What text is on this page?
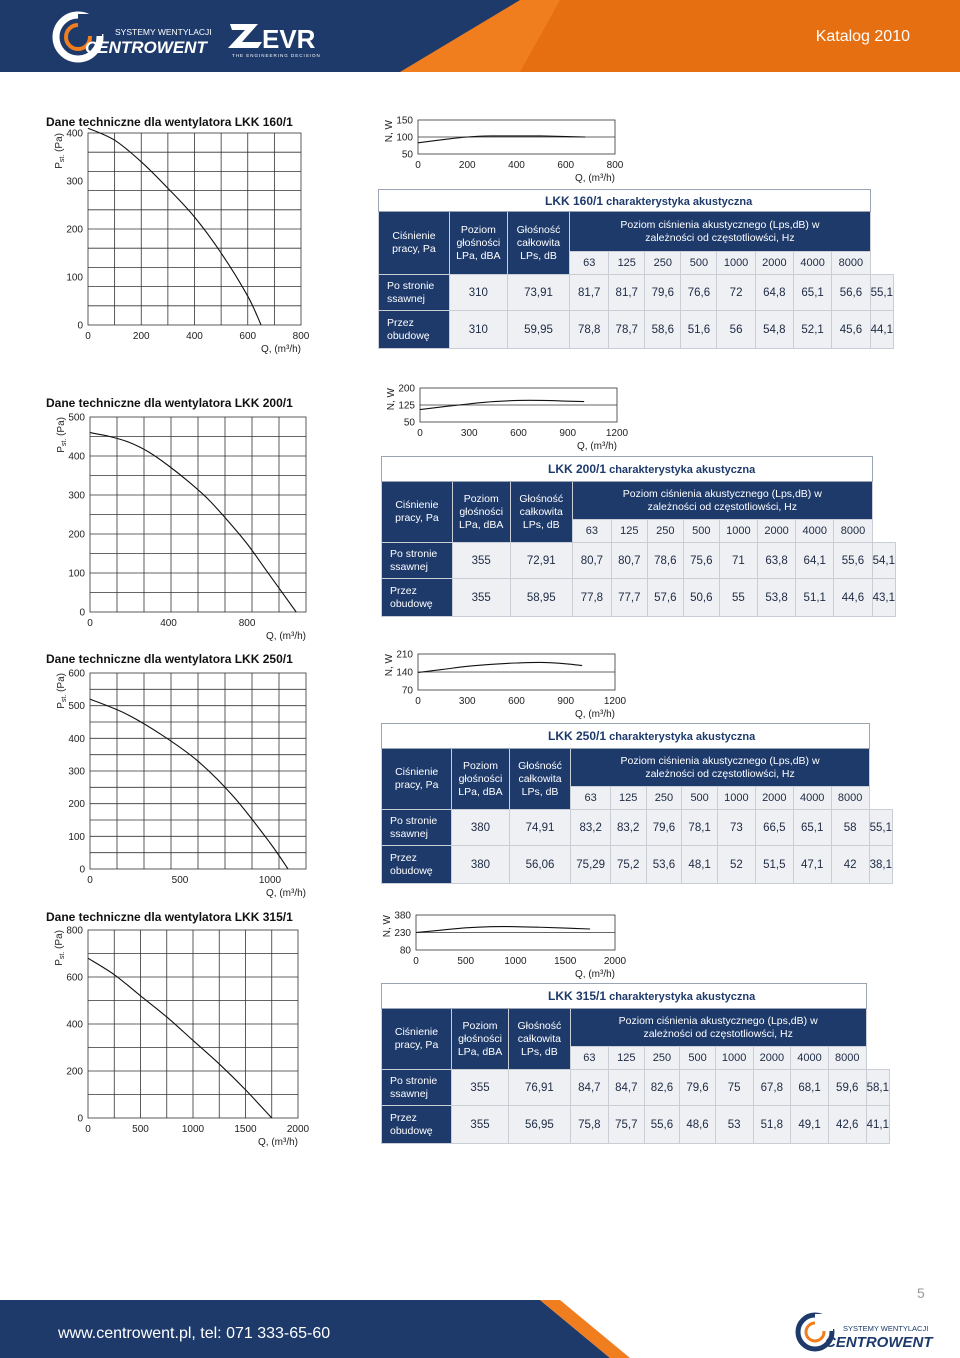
SYSTEMY WENTYLACJI
CENTROWENT EVR
THE ENGINEERING DECISION
Katalog 2010
Dane techniczne dla wentylatora LKK 160/1
Dane techniczne dla wentylatora LKK 200/1
Dane techniczne dla wentylatora LKK 250/1
Dane techniczne dla wentylatora LKK 315/1
0	200	400	600	800
0
100
200
300
400
Q, (m³/h)
$P_{st.}$ (Pa)
0	200	400	600	800
50
100
150
Q, (m³/h)
N, W
0	400	800
0
100
200
300
400
500
Q, (m³/h)
$P_{st.}$ (Pa)	0	300	600	900	1200
50
125
200
Q, (m³/h)
N, W
0	500	1000
0
100
200
300
400
500
600
Q, (m³/h)
$P_{st.}$ (Pa)
0	300	600	900	1200
70
140
210
Q, (m³/h)
N, W
0	500	1000	1500	2000
0
200
400
600
800
Q, (m³/h)
$P_{st.}$ (Pa)
0	500	1000	1500	2000
80
230
380
Q, (m³/h)
N, W
LKK 160/1 charakterystyka akustyczna											
Ciśnienie pracy, Pa	Poziom
głośności
LPa, dBA	Głośność
całkowita
LPs, dB	Poziom ciśnienia akustycznego (Lps,dB) w
zależności od częstotliowści, Hz								
			63	125	250	500	1000	2000	4000	8000	
Po stronie
ssawnej	310	73,91	81,7	81,7	79,6	76,6	72	64,8	65,1	56,6	55,1
Przez
obudowę	310	59,95	78,8	78,7	58,6	51,6	56	54,8	52,1	45,6	44,1
LKK 200/1 charakterystyka akustyczna											
Ciśnienie pracy, Pa	Poziom
głośności
LPa, dBA	Głośność
całkowita
LPs, dB	Poziom ciśnienia akustycznego (Lps,dB) w
zależności od częstotliowści, Hz								
			63	125	250	500	1000	2000	4000	8000	
Po stronie
ssawnej	355	72,91	80,7	80,7	78,6	75,6	71	63,8	64,1	55,6	54,1
Przez
obudowę	355	58,95	77,8	77,7	57,6	50,6	55	53,8	51,1	44,6	43,1
LKK 250/1 charakterystyka akustyczna											
Ciśnienie pracy, Pa	Poziom
głośności
LPa, dBA	Głośność
całkowita
LPs, dB	Poziom ciśnienia akustycznego (Lps,dB) w
zależności od częstotliowści, Hz								
			63	125	250	500	1000	2000	4000	8000	
Po stronie
ssawnej	380	74,91	83,2	83,2	79,6	78,1	73	66,5	65,1	58	55,1
Przez
obudowę	380	56,06	75,29	75,2	53,6	48,1	52	51,5	47,1	42	38,1
LKK 315/1 charakterystyka akustyczna											
Ciśnienie pracy, Pa	Poziom
głośności
LPa, dBA	Głośność
całkowita
LPs, dB	Poziom ciśnienia akustycznego (Lps,dB) w
zależności od częstotliowści, Hz								
			63	125	250	500	1000	2000	4000	8000	
Po stronie
ssawnej	355	76,91	84,7	84,7	82,6	79,6	75	67,8	68,1	59,6	58,1
Przez
obudowę	355	56,95	75,8	75,7	55,6	48,6	53	51,8	49,1	42,6	41,1
5
www.centrowent.pl, tel: 071 333-65-60	SYSTEMY WENTYLACJI
CENTROWENT
